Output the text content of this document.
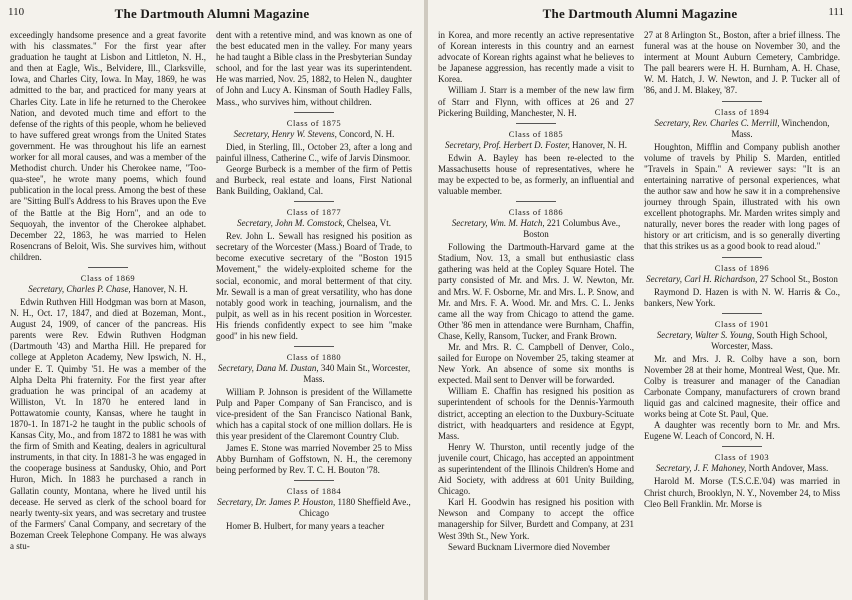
110	The Dartmouth Alumni Magazine

exceedingly handsome presence and a great favorite with his classmates." For the first year after graduation he taught at Lisbon and Littleton, N. H., and then at Eagle, Wis., Belvidere, Ill., Clarksville, Iowa, and Charles City, Iowa. In May, 1869, he was admitted to the bar, and practiced for many years at Charles City. Late in life he returned to the Cherokee Nation, and devoted much time and effort to the defense of the rights of this people, whom he believed to have suffered great wrongs from the United States government. He was throughout his life an earnest worker for all moral causes, and was a member of the Methodist church. Under his Cherokee name, "Too-qua-stee", he wrote many poems, which found publication in the local press. Among the best of these are "Sitting Bull's Address to his Braves upon the Eve of the Battle at the Big Horn", and an ode to Sequoyah, the inventor of the Cherokee alphabet. December 22, 1863, he was married to Helen Rosencrans of Beloit, Wis. She survives him, without children.

Class of 1869
Secretary, Charles P. Chase, Hanover, N. H.

Edwin Ruthven Hill Hodgman was born at Mason, N. H., Oct. 17, 1847, and died at Bozeman, Mont., August 24, 1909, of cancer of the pancreas. His parents were Rev. Edwin Ruthven Hodgman (Dartmouth '43) and Martha Hill. He prepared for college at Appleton Academy, New Ipswich, N. H., under E. T. Quimby '51. He was a member of the Alpha Delta Phi fraternity. For the first year after graduation he was principal of an academy at Williston, Vt. In 1870 he entered land in Pottawatomie county, Kansas, where he taught in 1870-1. In 1871-2 he taught in the public schools of Kansas City, Mo., and from 1872 to 1881 he was with the firm of Smith and Keating, dealers in agricultural instruments, in that city. In 1881-3 he was engaged in the cooperage business at Sandusky, Ohio, and Port Huron, Mich. In 1883 he purchased a ranch in Gallatin county, Montana, where he lived until his decease. He served as clerk of the school board for nearly twenty-six years, and was secretary and trustee of the Farmers' Canal Company, and secretary of the Bozeman Creek Telephone Company. He was always a stu-

dent with a retentive mind, and was known as one of the best educated men in the valley. For many years he had taught a Bible class in the Presbyterian Sunday school, and for the last year was its superintendent. He was married, Nov. 25, 1882, to Helen N., daughter of John and Lucy A. Kinsman of South Hadley Falls, Mass., who survives him, without children.

Class of 1875
Secretary, Henry W. Stevens, Concord, N. H.

Died, in Sterling, Ill., October 23, after a long and painful illness, Catherine C., wife of Jarvis Dinsmoor.

George Burbeck is a member of the firm of Pettis and Burbeck, real estate and loans, First National Bank Building, Oakland, Cal.

Class of 1877
Secretary, John M. Comstock, Chelsea, Vt.

Rev. John L. Sewall has resigned his position as secretary of the Worcester (Mass.) Board of Trade, to become executive secretary of the "Boston 1915 Movement," the widely-exploited scheme for the social, economic, and moral betterment of that city. Mr. Sewall is a man of great versatility, who has done notably good work in teaching, journalism, and the pulpit, as well as in his recent position in Worcester. His friends confidently expect to see him "make good" in his new field.

Class of 1880
Secretary, Dana M. Dustan, 340 Main St., Worcester, Mass.

William P. Johnson is president of the Willamette Pulp and Paper Company of San Francisco, and is vice-president of the San Francisco National Bank, which has a capital stock of one million dollars. He is this year president of the Claremont Country Club.

James E. Stone was married November 25 to Miss Abby Burnham of Goffstown, N. H., the ceremony being performed by Rev. T. C. H. Bouton '78.

Class of 1884
Secretary, Dr. James P. Houston, 1180 Sheffield Ave., Chicago

Homer B. Hulbert, for many years a teacher

The Dartmouth Alumni Magazine	111

in Korea, and more recently an active representative of Korean interests in this country and an earnest advocate of Korean rights against what he believes to be Japanese aggression, has recently made a visit to Korea.

William J. Starr is a member of the new law firm of Starr and Flynn, with offices at 26 and 27 Pickering Building, Manchester, N. H.

Class of 1885
Secretary, Prof. Herbert D. Foster, Hanover, N. H.

Edwin A. Bayley has been re-elected to the Massachusetts house of representatives, where he may be expected to be, as formerly, an influential and valuable member.

Class of 1886
Secretary, Wm. M. Hatch, 221 Columbus Ave., Boston

Following the Dartmouth-Harvard game at the Stadium, Nov. 13, a small but enthusiastic class gathering was held at the Copley Square Hotel. The party consisted of Mr. and Mrs. J. W. Newton, Mr. and Mrs. W. F. Osborne, Mr. and Mrs. L. P. Snow, and Mr. and Mrs. F. A. Wood. Mr. and Mrs. C. L. Jenks came all the way from Chicago to attend the game. Other '86 men in attendance were Burnham, Chaffin, Chase, Kelly, Ransom, Tucker, and Frank Brown.

Mr. and Mrs. R. C. Campbell of Denver, Colo., sailed for Europe on November 25, taking steamer at New York. An absence of some six months is expected. Mail sent to Denver will be forwarded.

William E. Chaffin has resigned his position as superintendent of schools for the Dennis-Yarmouth district, accepting an election to the Duxbury-Scituate district, with headquarters and residence at Egypt, Mass.

Henry W. Thurston, until recently judge of the juvenile court, Chicago, has accepted an appointment as superintendent of the Illinois Children's Home and Aid Society, with address at 601 Unity Building, Chicago.

Karl H. Goodwin has resigned his position with Newson and Company to accept the office managership for Silver, Burdett and Company, at 231 West 39th St., New York.

Seward Bucknam Livermore died November

27 at 8 Arlington St., Boston, after a brief illness. The funeral was at the house on November 30, and the interment at Mount Auburn Cemetery, Cambridge. The pall bearers were H. H. Burnham, A. H. Chase, W. M. Hatch, J. W. Newton, and J. P. Tucker all of '86, and J. M. Blakey, '87.

Class of 1894
Secretary, Rev. Charles C. Merrill, Winchendon, Mass.

Houghton, Mifflin and Company publish another volume of travels by Philip S. Marden, entitled "Travels in Spain." A reviewer says: "It is an entertaining narrative of personal experiences, what the author saw and how he saw it in a comprehensive journey through Spain, illustrated with his own excellent photographs. Mr. Marden writes simply and naturally, never bores the reader with long pages of history or art criticism, and is so generally diverting that this strikes us as a good book to read aloud."

Class of 1896
Secretary, Carl H. Richardson, 27 School St., Boston

Raymond D. Hazen is with N. W. Harris & Co., bankers, New York.

Class of 1901
Secretary, Walter S. Young, South High School, Worcester, Mass.

Mr. and Mrs. J. R. Colby have a son, born November 28 at their home, Montreal West, Que. Mr. Colby is treasurer and manager of the Canadian Carbonate Company, manufacturers of crown brand liquid gas and calcined magnesite, their office and works being at Cote St. Paul, Que.

A daughter was recently born to Mr. and Mrs. Eugene W. Leach of Concord, N. H.

Class of 1903
Secretary, J. F. Mahoney, North Andover, Mass.

Harold M. Morse (T.S.C.E.'04) was married in Christ church, Brooklyn, N. Y., November 24, to Miss Cleo Bell Franklin. Mr. Morse is
